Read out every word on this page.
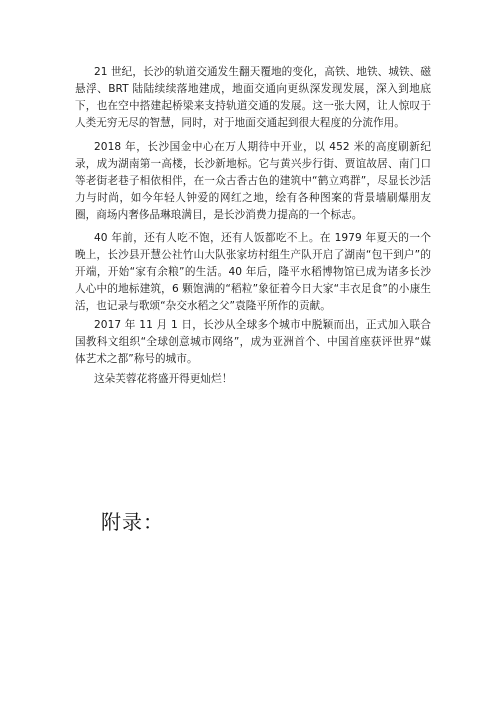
21 世纪，长沙的轨道交通发生翻天覆地的变化，高铁、地铁、城铁、磁悬浮、BRT 陆陆续续落地建成，地面交通向更纵深发现发展，深入到地底下，也在空中搭建起桥梁来支持轨道交通的发展。这一张大网，让人惊叹于人类无穷无尽的智慧，同时，对于地面交通起到很大程度的分流作用。

2018 年，长沙国金中心在万人期待中开业，以 452 米的高度刷新纪录，成为湖南第一高楼，长沙新地标。它与黄兴步行街、贾谊故居、南门口等老街老巷子相依相伴，在一众古香古色的建筑中“鹤立鸡群”，尽显长沙活力与时尚，如今年轻人钟爱的网红之地，绘有各种图案的背景墙刷爆朋友圈，商场内奢侈品琳琅满目，是长沙消费力提高的一个标志。

40 年前，还有人吃不饱，还有人饭都吃不上。在 1979 年夏天的一个晚上，长沙县开慧公社竹山大队张家坊村组生产队开启了湖南“包干到户”的开端，开始“家有余粮”的生活。40 年后，隆平水稻博物馆已成为诸多长沙人心中的地标建筑，6 颗饱满的“稻粒”象征着今日大家“丰衣足食”的小康生活，也记录与歌颂“杂交水稻之父”袁隆平所作的贡献。

2017 年 11 月 1 日，长沙从全球多个城市中脱颖而出，正式加入联合国教科文组织“全球创意城市网络”，成为亚洲首个、中国首座获评世界“媒体艺术之都”称号的城市。

这朵芙蓉花将盛开得更灿烂！

附录：
